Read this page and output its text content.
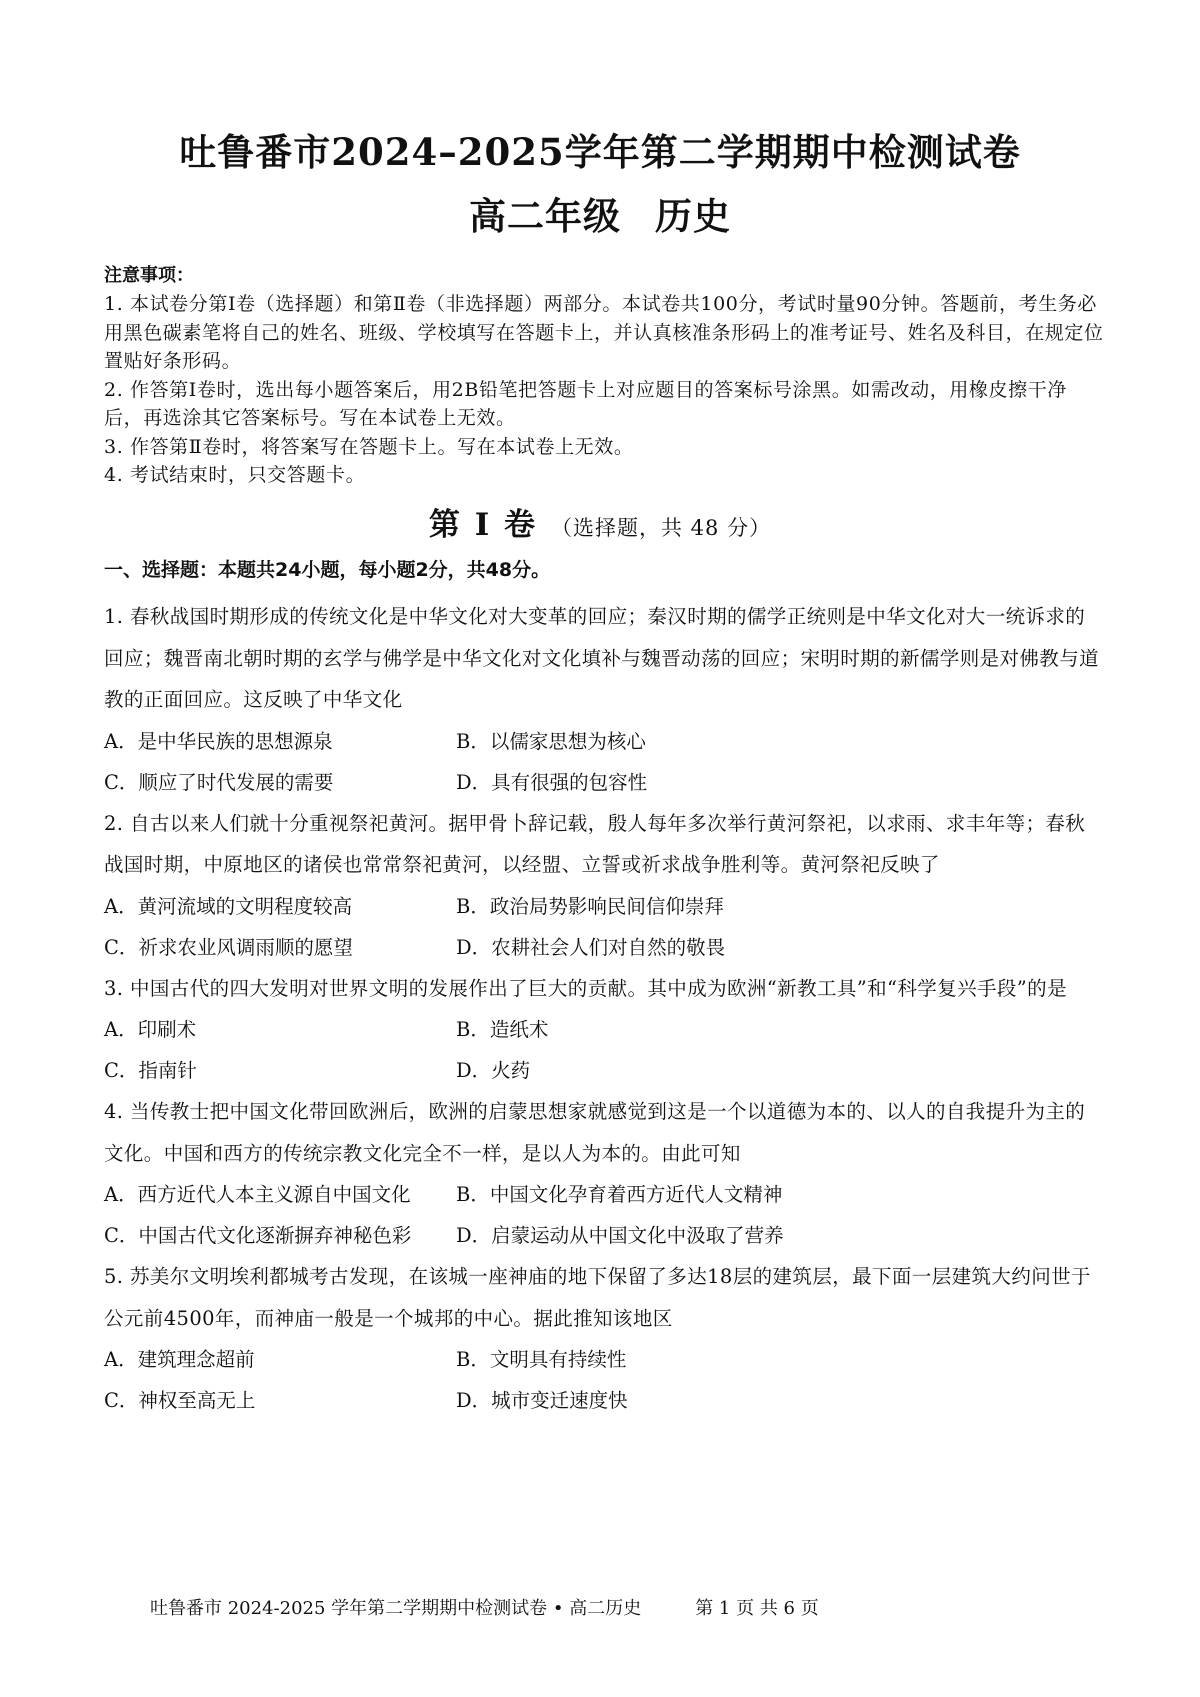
吐鲁番市2024–2025学年第二学期期中检测试卷
高二年级 历史
注意事项：

1. 本试卷分第Ⅰ卷（选择题）和第Ⅱ卷（非选择题）两部分。本试卷共100分，考试时量90分钟。答题前，考生务必用黑色碳素笔将自己的姓名、班级、学校填写在答题卡上，并认真核准条形码上的准考证号、姓名及科目，在规定位置贴好条形码。

2. 作答第Ⅰ卷时，选出每小题答案后，用2B铅笔把答题卡上对应题目的答案标号涂黑。如需改动，用橡皮擦干净后，再选涂其它答案标号。写在本试卷上无效。

3. 作答第Ⅱ卷时，将答案写在答题卡上。写在本试卷上无效。

4. 考试结束时，只交答题卡。

第 Ⅰ 卷 （选择题，共 48 分）
一、选择题：本题共24小题，每小题2分，共48分。
1. 春秋战国时期形成的传统文化是中华文化对大变革的回应；秦汉时期的儒学正统则是中华文化对大一统诉求的回应；魏晋南北朝时期的玄学与佛学是中华文化对文化填补与魏晋动荡的回应；宋明时期的新儒学则是对佛教与道教的正面回应。这反映了中华文化
A．是中华民族的思想源泉	B．以儒家思想为核心
C．顺应了时代发展的需要	D．具有很强的包容性
2. 自古以来人们就十分重视祭祀黄河。据甲骨卜辞记载，殷人每年多次举行黄河祭祀，以求雨、求丰年等；春秋战国时期，中原地区的诸侯也常常祭祀黄河，以经盟、立誓或祈求战争胜利等。黄河祭祀反映了
A．黄河流域的文明程度较高	B．政治局势影响民间信仰崇拜
C．祈求农业风调雨顺的愿望	D．农耕社会人们对自然的敬畏
3. 中国古代的四大发明对世界文明的发展作出了巨大的贡献。其中成为欧洲“新教工具”和“科学复兴手段”的是
A．印刷术	B．造纸术
C．指南针	D．火药
4. 当传教士把中国文化带回欧洲后，欧洲的启蒙思想家就感觉到这是一个以道德为本的、以人的自我提升为主的文化。中国和西方的传统宗教文化完全不一样，是以人为本的。由此可知
A．西方近代人本主义源自中国文化	B．中国文化孕育着西方近代人文精神
C．中国古代文化逐渐摒弃神秘色彩	D．启蒙运动从中国文化中汲取了营养
5. 苏美尔文明埃利都城考古发现，在该城一座神庙的地下保留了多达18层的建筑层，最下面一层建筑大约问世于公元前4500年，而神庙一般是一个城邦的中心。据此推知该地区
A．建筑理念超前	B．文明具有持续性
C．神权至高无上	D．城市变迁速度快
吐鲁番市 2024-2025 学年第二学期期中检测试卷 • 高二历史	第 1 页 共 6 页
